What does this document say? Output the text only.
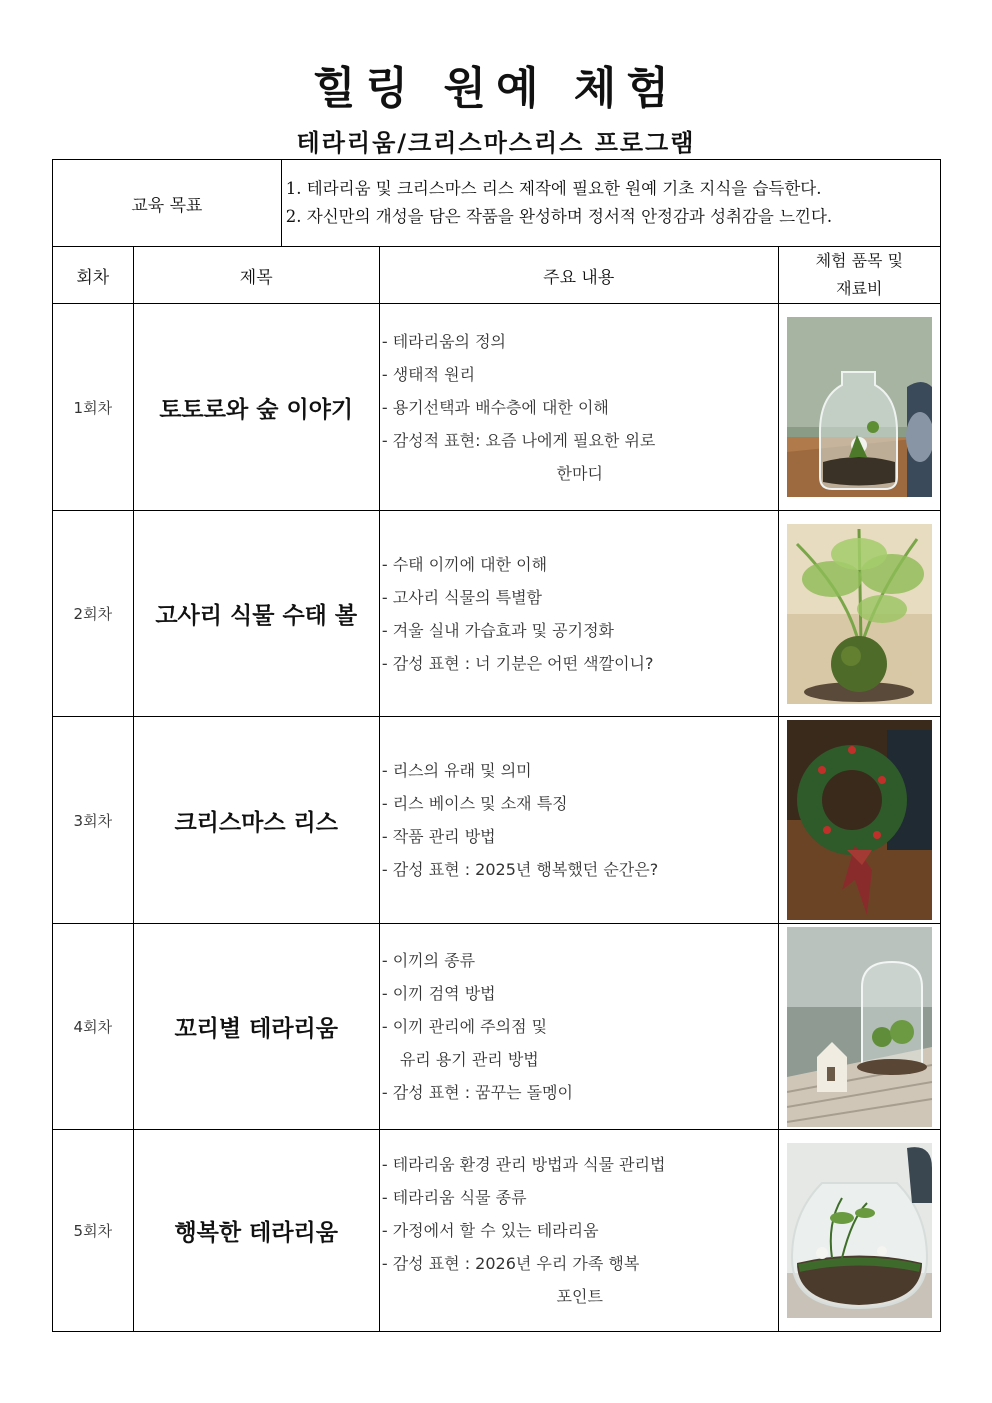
힐링 원예 체험
테라리움/크리스마스리스 프로그램
교육 목표		1. 테라리움 및 크리스마스 리스 제작에 필요한 원예 기초 지식을 습득한다.
2. 자신만의 개성을 담은 작품을 완성하며 정서적 안정감과 성취감을 느낀다.		

회차	제목		주요 내용	체험 품목 및
재료비

1회차	토토로와 숲 이야기		- 테라리움의 정의
- 생태적 원리
- 용기선택과 배수층에 대한 이해
- 감성적 표현: 요즘 나에게 필요한 위로
한마디

2회차	고사리 식물 수태 볼		- 수태 이끼에 대한 이해
- 고사리 식물의 특별함
- 겨울 실내 가습효과 및 공기정화
- 감성 표현 : 너 기분은 어떤 색깔이니?

3회차	크리스마스 리스		- 리스의 유래 및 의미
- 리스 베이스 및 소재 특징
- 작품 관리 방법
- 감성 표현 : 2025년 행복했던 순간은?

4회차	꼬리별 테라리움		- 이끼의 종류
- 이끼 검역 방법
- 이끼 관리에 주의점 및
유리 용기 관리 방법
- 감성 표현 : 꿈꾸는 돌멩이

5회차	행복한 테라리움		- 테라리움 환경 관리 방법과 식물 관리법
- 테라리움 식물 종류
- 가정에서 할 수 있는 테라리움
- 감성 표현 : 2026년 우리 가족 행복
포인트
